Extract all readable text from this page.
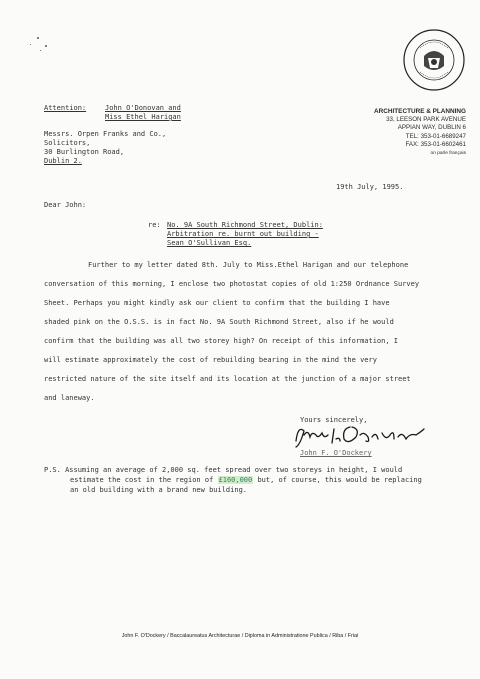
ARCHITECTURE & PLANNING
33, LEESON PARK AVENUE
APPIAN WAY, DUBLIN 6
TEL: 353-01-6689247
FAX: 353-01-6602461
on parle français
Attention:	John O'Donovan and
Miss Ethel Harigan
Messrs. Orpen Franks and Co.,
Solicitors,
30 Burlington Road,
Dublin 2.
19th July, 1995.
Dear John:
re: No. 9A South Richmond Street, Dublin:
Arbitration re. burnt out building -
Sean O'Sullivan Esq.
Further to my letter dated 8th. July to Miss.Ethel Harigan and our telephone
conversation of this morning, I enclose two photostat copies of old 1:250 Ordnance Survey
Sheet. Perhaps you might kindly ask our client to confirm that the building I have
shaded pink on the O.S.S. is in fact No. 9A South Richmond Street, also if he would
confirm that the building was all two storey high? On receipt of this information, I
will estimate approximately the cost of rebuilding bearing in the mind the very
restricted nature of the site itself and its location at the junction of a major street
and laneway.
Yours sincerely,
John F. O'Dockery
P.S. Assuming an average of 2,000 sq. feet spread over two storeys in height, I would
estimate the cost in the region of £160,000 but, of course, this would be replacing
an old building with a brand new building.
John F. O'Dockery / Baccalaureatus Architecturae / Diploma in Administratione Publica / Riba / Friai
